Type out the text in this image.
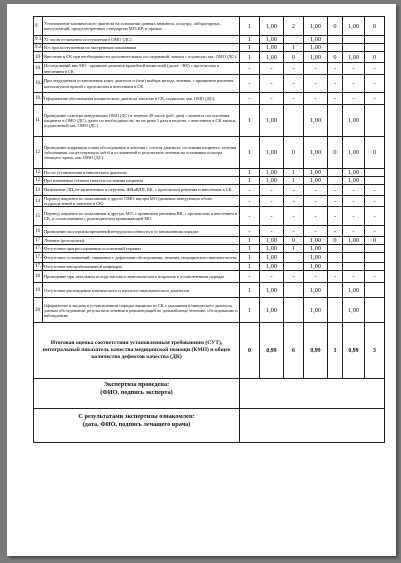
9	Установление клинического диагноза на основании данных анамнеза, осмотра, лабораторных, консультаций, предусмотренных стандартом МП, КР, и прочие.	1	1,00	2	1,00	0	1,00	0
9.1.	72 часов от момента поступления в ОМО (ДС)	1	1,00		1,00			
9.2.	В/т. при поступлении по экстренным показаниям	1	1,00	1	1,00			
10	Внесение в СК при необходимости дополнительных исследований, записи с подписью зав. ОМО (ДС):	1	1,00	0	1,00	0	1,00	0
10.1.	Исследований вне МО - принятие решения врачебной комиссией (далее - ВК) с протоколом и внесением в СК	-	-	-	-	-	-	-
10.2.	При затруднении установления клин. диагноза и (или) выбора метода лечения, с принятием решения консилиумом врачей с протоколом и внесением в СК	-	-	-	-	-	-	-
10.3.	Оформление обоснования клинического диагноза записью в СК, подписью зав. ОМО (ДС):	-	-	-	-	-	-	-
11	Проведение осмотра заведующим ОМО (ДС) в течение 48 часов (раб. дни) с момента поступления пациента в ОМО (ДС), далее по необходимости, но не реже 1 раза в неделю, с внесением в СК записи, подписанной зав. ОМО (ДС)	1	1,00		1,00		1,00	
12	Проведение коррекции плана обследования и лечения с учетом диагноза, состояния пациента, течения заболевания, сопутствующих заб-й и осложнений и результатов лечения на основании осмотра лечащего врача, зав. ОМО (ДС):	1	1,00	0	1,00	0	1,00	0
12.1.	После установления клинического диагноза	1	1,00	1	1,00		1,00	
12.2.	При изменении степени тяжести состояния пациента	1	1,00	1	1,00		1,00	
13	Назначение ЛП, не включенных в перечень ЖНиВЛП, ВК, с протоколом решения и внесением в СК	-	-	-	-	-	-	-
14	Перевод пациента по показаниям в другое ОМО внутри МО (решение заведующих обоих подразделений и записью в СК)	-	-	-	-	-	-	-
15	Перевод пациента по показаниям в другую МО, с принятием решения ВК, с протоколом и внесением в СК, и согласованием с руководителем принимающей МО	-	-	-	-	-	-	-
16	Проведение экспертизы временной нетрудоспособности в установленном порядке	-	-	-	-	-	-	-
17	Лечение (результаты):	1	1,00	0	1,00	0	1,00	0
17.1.	Отсутствие прогрессирования осложнений терапии	1	1,00	1	1,00			
17.2.	Отсутствие осложнений, связанных с дефектами обследования, лечения, медицинского вмешательства	1	1,00		1,00			
17.3.	Отсутствие внутрибольничной инфекции	1	1,00		1,00			
18	Проведение при летальном исходе патолого-анатомического вскрытия в установленном порядке	-	-	-	-	-	-	-
19	Отсутствие расхождения клинического и патолого-анатомического диагнозов	1	1,00		1,00		1,00	
20	Оформление и выдача в установленном порядке выписки из СК с указанием клинического диагноза, данных обследования, результатов лечения и рекомендаций по дальнейшему лечению, обследованию и наблюдению	1	1,00		1,00		1,00	
Итоговая оценка соответствия установленным требованиям (СУТ), интегральный показатель качества медицинской помощи (КМП) и общее количество дефектов качества (ДК)		0	0,99	6	0,99	3	0,99	3
Экспертиза проведена:
(ФИО, подпись эксперта)								
С результатами экспертизы ознакомлен:
(дата, ФИО, подпись лечащего врача)								
